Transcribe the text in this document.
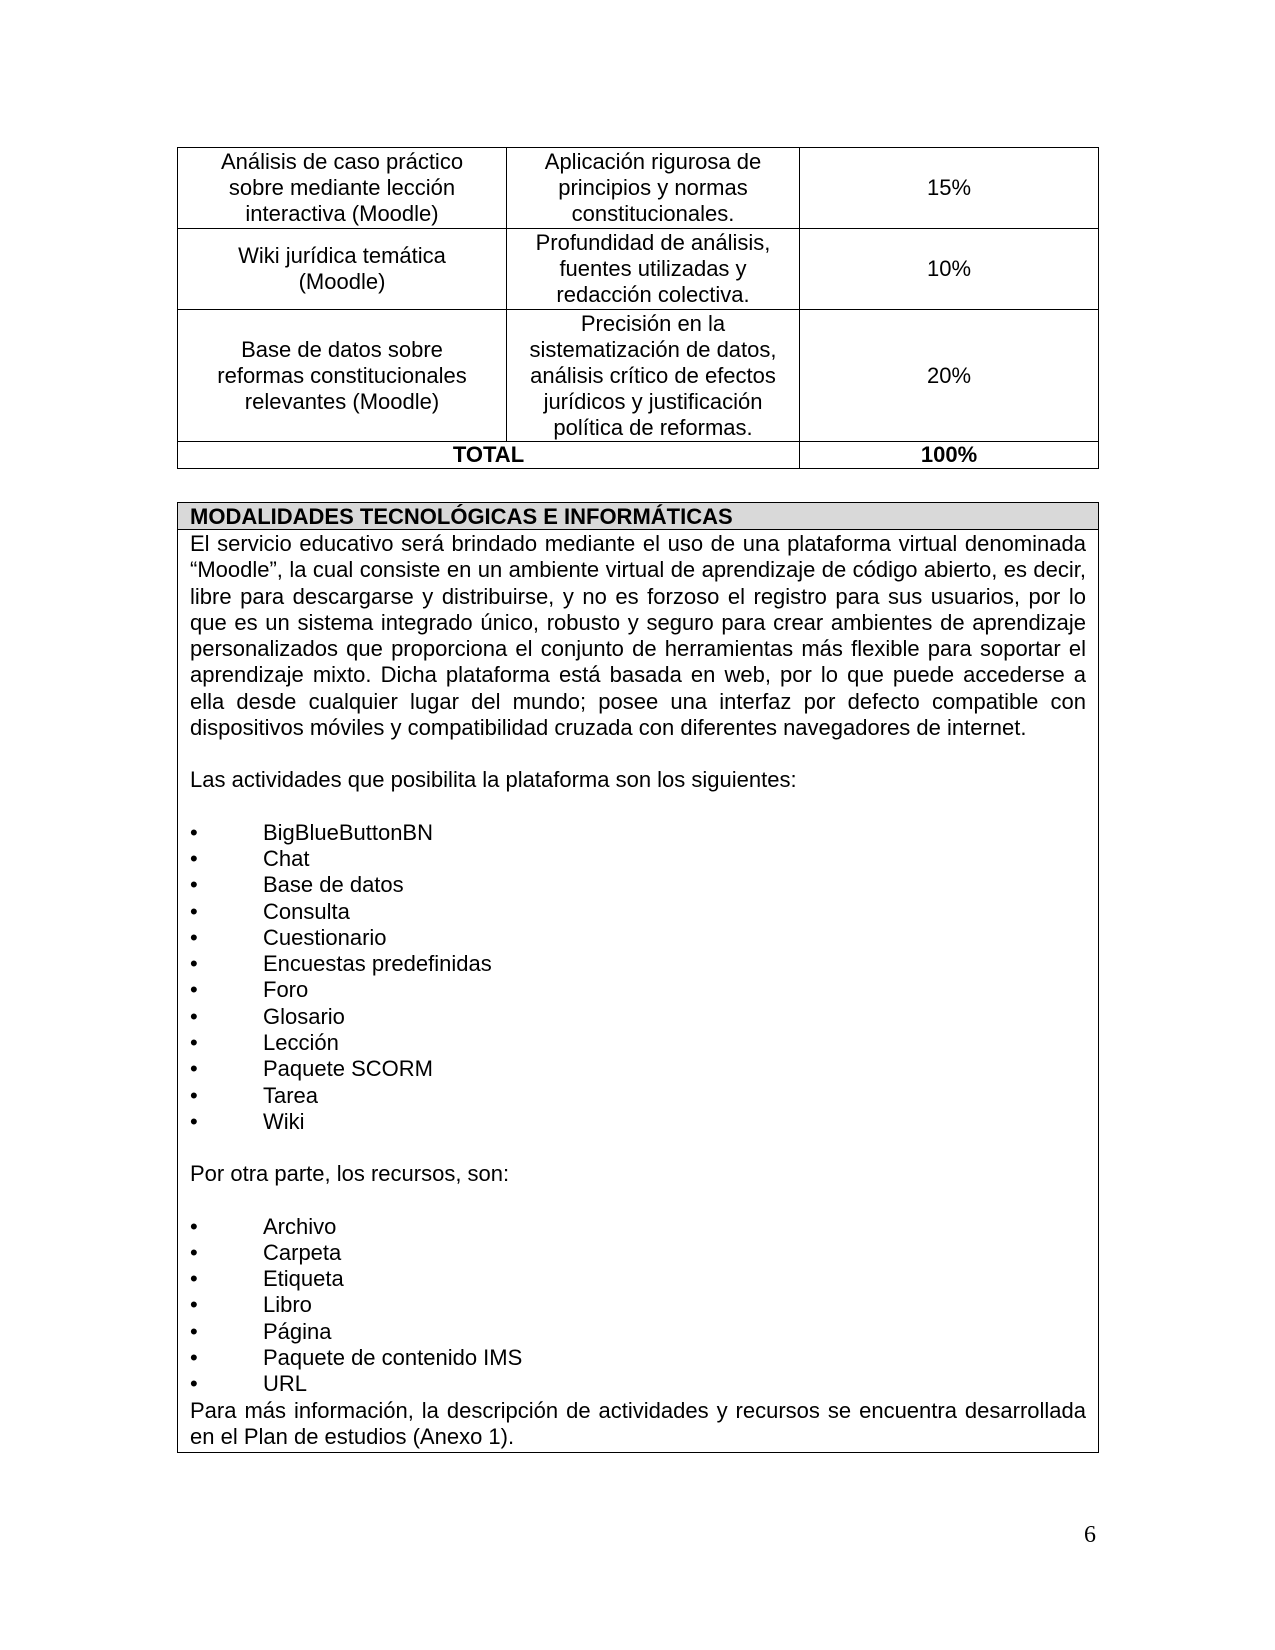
Análisis de caso práctico
sobre mediante lección
interactiva (Moodle)	Aplicación rigurosa de
principios y normas
constitucionales.	15%

Wiki jurídica temática
(Moodle)	Profundidad de análisis,
fuentes utilizadas y
redacción colectiva.	10%

Base de datos sobre
reformas constitucionales
relevantes (Moodle)	Precisión en la
sistematización de datos,
análisis crítico de efectos
jurídicos y justificación
política de reformas.	20%
TOTAL		100%
MODALIDADES TECNOLÓGICAS E INFORMÁTICAS

El servicio educativo será brindado mediante el uso de una plataforma virtual denominada “Moodle”, la cual consiste en un ambiente virtual de aprendizaje de código abierto, es decir, libre para descargarse y distribuirse, y no es forzoso el registro para sus usuarios, por lo que es un sistema integrado único, robusto y seguro para crear ambientes de aprendizaje personalizados que proporciona el conjunto de herramientas más flexible para soportar el aprendizaje mixto. Dicha plataforma está basada en web, por lo que puede accederse a ella desde cualquier lugar del mundo; posee una interfaz por defecto compatible con dispositivos móviles y compatibilidad cruzada con diferentes navegadores de internet.

Las actividades que posibilita la plataforma son los siguientes:

•	BigBlueButtonBN
•	Chat
•	Base de datos
•	Consulta
•	Cuestionario
•	Encuestas predefinidas
•	Foro
•	Glosario
•	Lección
•	Paquete SCORM
•	Tarea
•	Wiki

Por otra parte, los recursos, son:

•	Archivo
•	Carpeta
•	Etiqueta
•	Libro
•	Página
•	Paquete de contenido IMS
•	URL

Para más información, la descripción de actividades y recursos se encuentra desarrollada en el Plan de estudios (Anexo 1).

6
